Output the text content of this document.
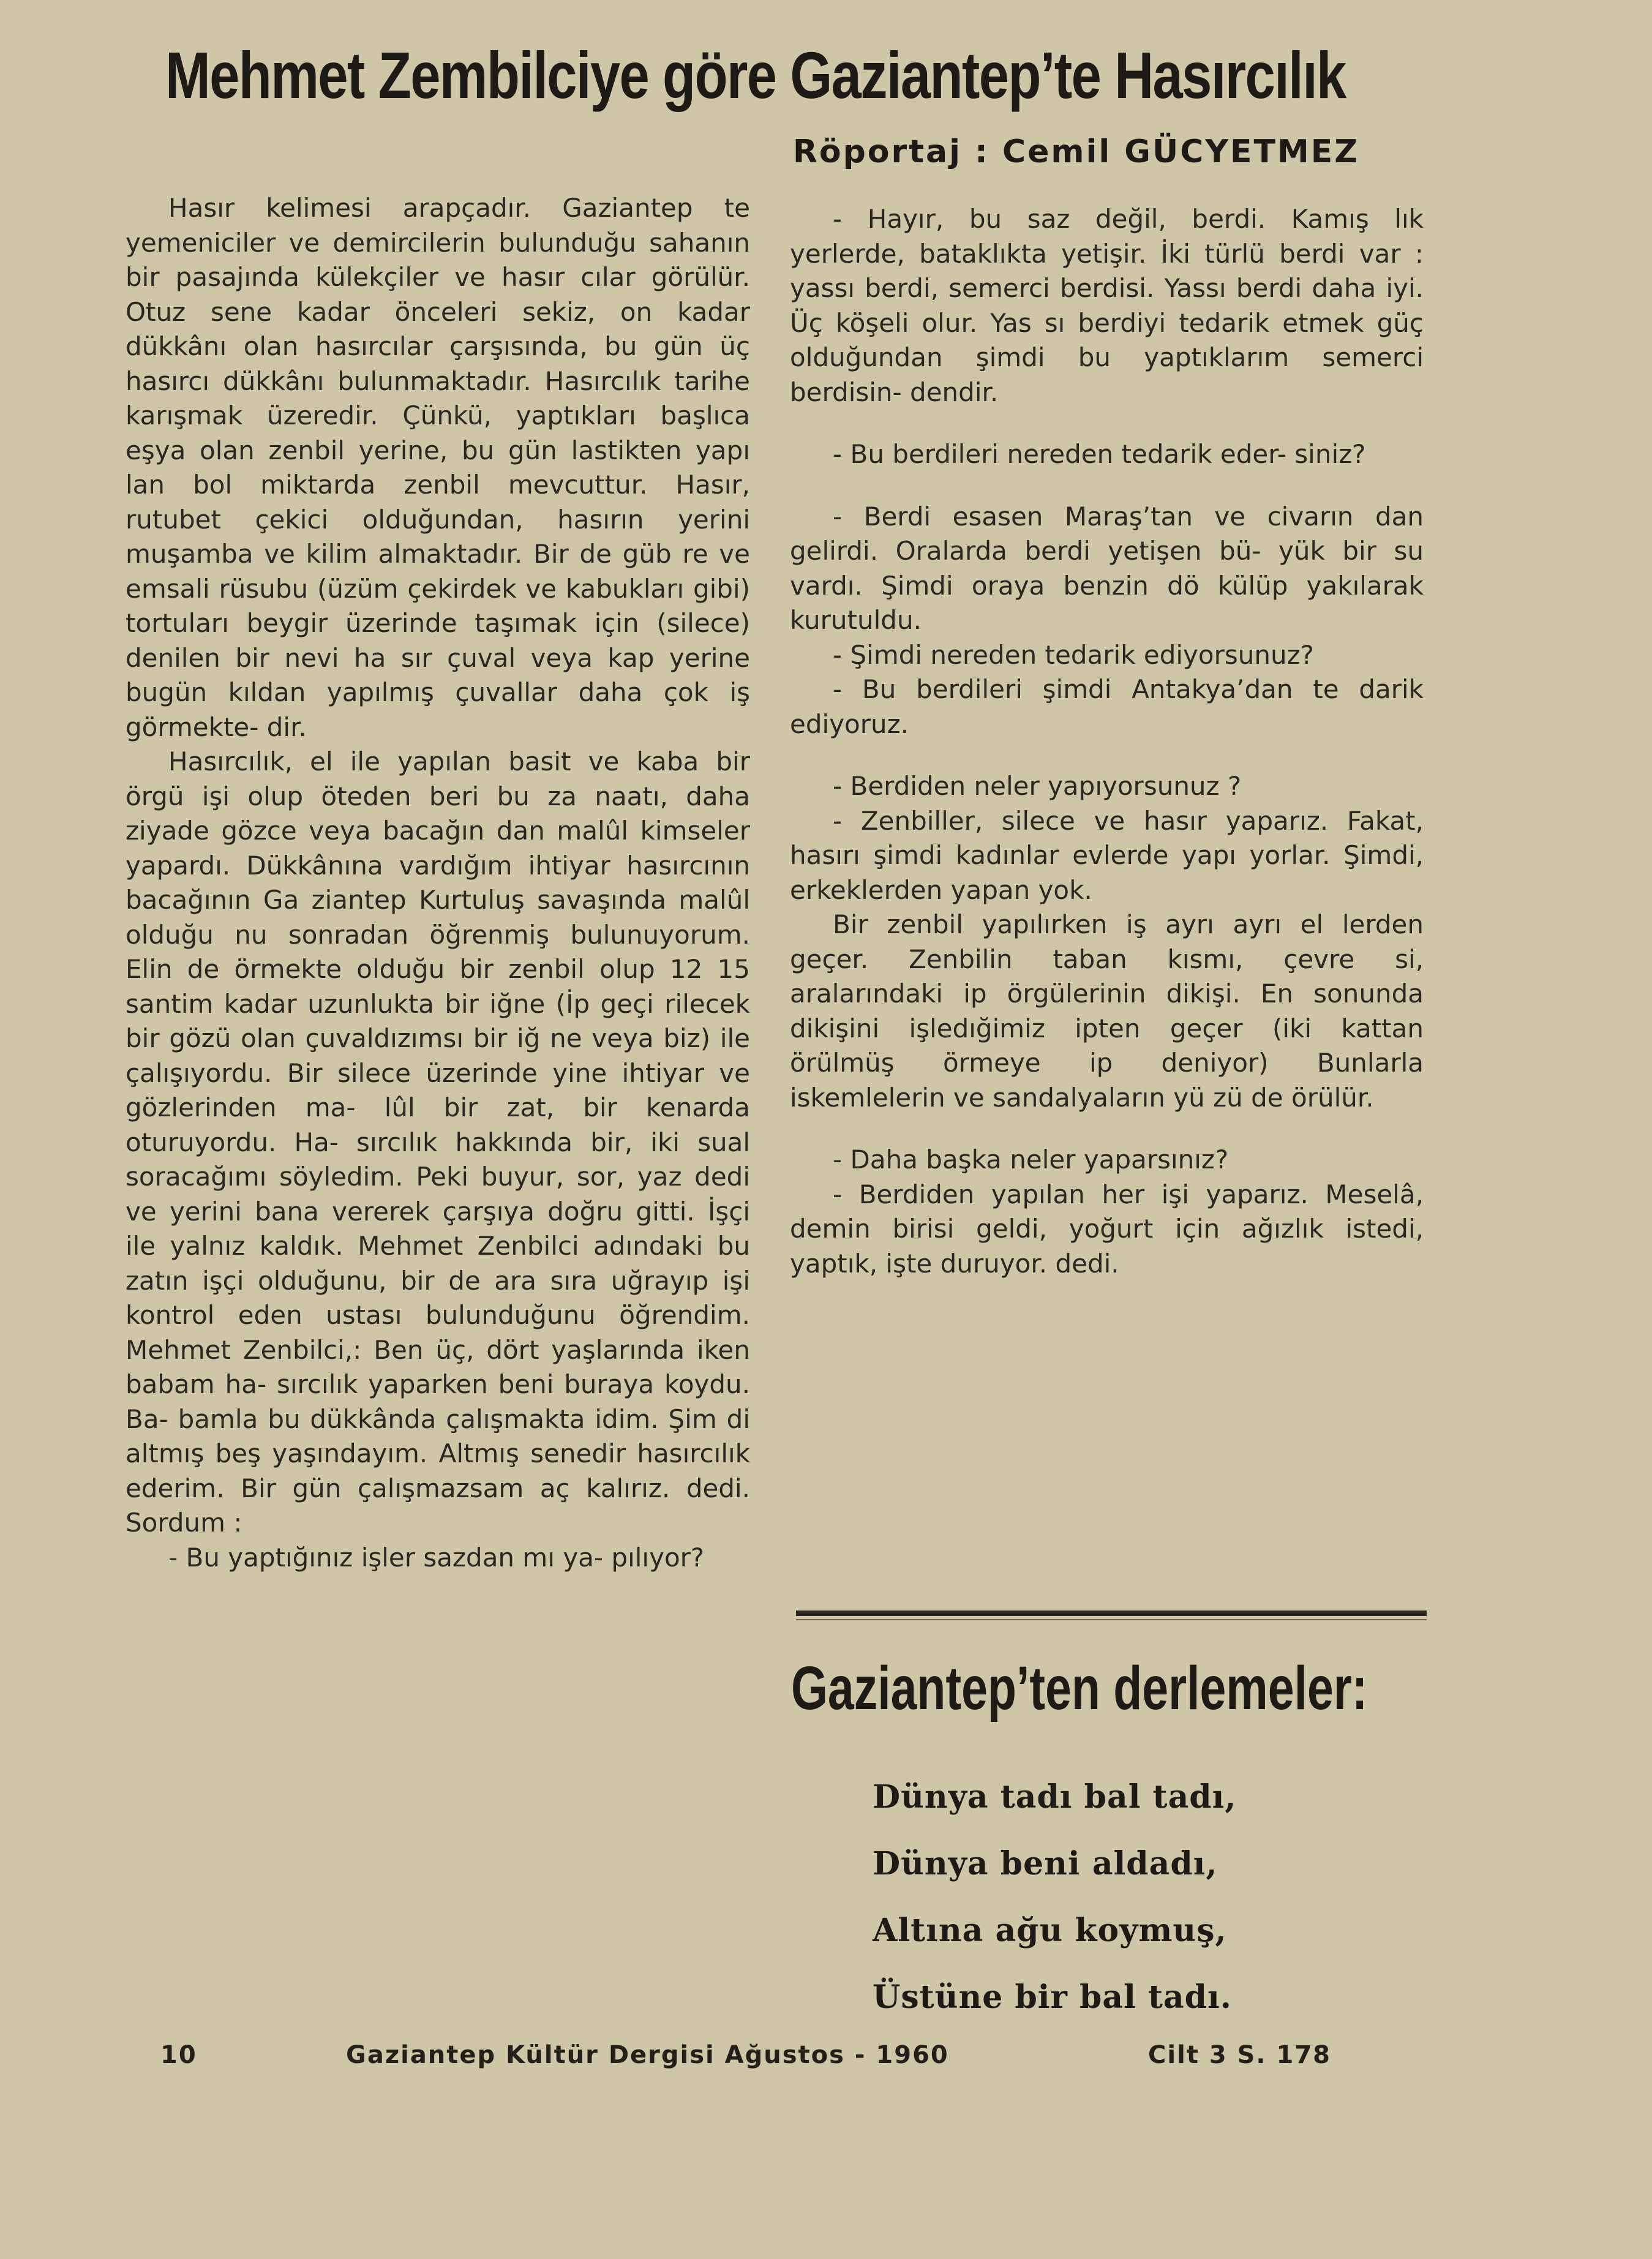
Mehmet Zembilciye göre Gaziantep’te Hasırcılık
Röportaj : Cemil GÜCYETMEZ

Hasır kelimesi arapçadır. Gaziantep te yemeniciler ve demircilerin bulunduğu sahanın bir pasajında külekçiler ve hasır cılar görülür. Otuz sene kadar önceleri sekiz, on kadar dükkânı olan hasırcılar çarşısında, bu gün üç hasırcı dükkânı bulunmaktadır. Hasırcılık tarihe karışmak üzeredir. Çünkü, yaptıkları başlıca eşya olan zenbil yerine, bu gün lastikten yapı lan bol miktarda zenbil mevcuttur. Hasır, rutubet çekici olduğundan, hasırın yerini muşamba ve kilim almaktadır. Bir de güb re ve emsali rüsubu (üzüm çekirdek ve kabukları gibi) tortuları beygir üzerinde taşımak için (silece) denilen bir nevi ha sır çuval veya kap yerine bugün kıldan yapılmış çuvallar daha çok iş görmekte- dir.

Hasırcılık, el ile yapılan basit ve kaba bir örgü işi olup öteden beri bu za naatı, daha ziyade gözce veya bacağın dan malûl kimseler yapardı. Dükkânına vardığım ihtiyar hasırcının bacağının Ga ziantep Kurtuluş savaşında malûl olduğu nu sonradan öğrenmiş bulunuyorum. Elin de örmekte olduğu bir zenbil olup 12 15 santim kadar uzunlukta bir iğne (İp geçi rilecek bir gözü olan çuvaldızımsı bir iğ ne veya biz) ile çalışıyordu. Bir silece üzerinde yine ihtiyar ve gözlerinden ma- lûl bir zat, bir kenarda oturuyordu. Ha- sırcılık hakkında bir, iki sual soracağımı söyledim. Peki buyur, sor, yaz dedi ve yerini bana vererek çarşıya doğru gitti. İşçi ile yalnız kaldık. Mehmet Zenbilci adındaki bu zatın işçi olduğunu, bir de ara sıra uğrayıp işi kontrol eden ustası bulunduğunu öğrendim. Mehmet Zenbilci,: Ben üç, dört yaşlarında iken babam ha- sırcılık yaparken beni buraya koydu. Ba- bamla bu dükkânda çalışmakta idim. Şim di altmış beş yaşındayım. Altmış senedir hasırcılık ederim. Bir gün çalışmazsam aç kalırız. dedi. Sordum :

- Bu yaptığınız işler sazdan mı ya- pılıyor?

- Hayır, bu saz değil, berdi. Kamış lık yerlerde, bataklıkta yetişir. İki türlü berdi var : yassı berdi, semerci berdisi. Yassı berdi daha iyi. Üç köşeli olur. Yas sı berdiyi tedarik etmek güç olduğundan şimdi bu yaptıklarım semerci berdisin- dendir.

- Bu berdileri nereden tedarik eder- siniz?

- Berdi esasen Maraş’tan ve civarın dan gelirdi. Oralarda berdi yetişen bü- yük bir su vardı. Şimdi oraya benzin dö külüp yakılarak kurutuldu.

- Şimdi nereden tedarik ediyorsunuz?

- Bu berdileri şimdi Antakya’dan te darik ediyoruz.

- Berdiden neler yapıyorsunuz ?

- Zenbiller, silece ve hasır yaparız. Fakat, hasırı şimdi kadınlar evlerde yapı yorlar. Şimdi, erkeklerden yapan yok.

Bir zenbil yapılırken iş ayrı ayrı el lerden geçer. Zenbilin taban kısmı, çevre si, aralarındaki ip örgülerinin dikişi. En sonunda dikişini işledığimiz ipten geçer (iki kattan örülmüş örmeye ip deniyor) Bunlarla iskemlelerin ve sandalyaların yü zü de örülür.

- Daha başka neler yaparsınız?

- Berdiden yapılan her işi yaparız. Meselâ, demin birisi geldi, yoğurt için ağızlık istedi, yaptık, işte duruyor. dedi.

Gaziantep’ten derlemeler:
Dünya tadı bal tadı,
Dünya beni aldadı,
Altına ağu koymuş,
Üstüne bir bal tadı.
10	Gaziantep Kültür Dergisi Ağustos - 1960	Cilt 3 S. 178
